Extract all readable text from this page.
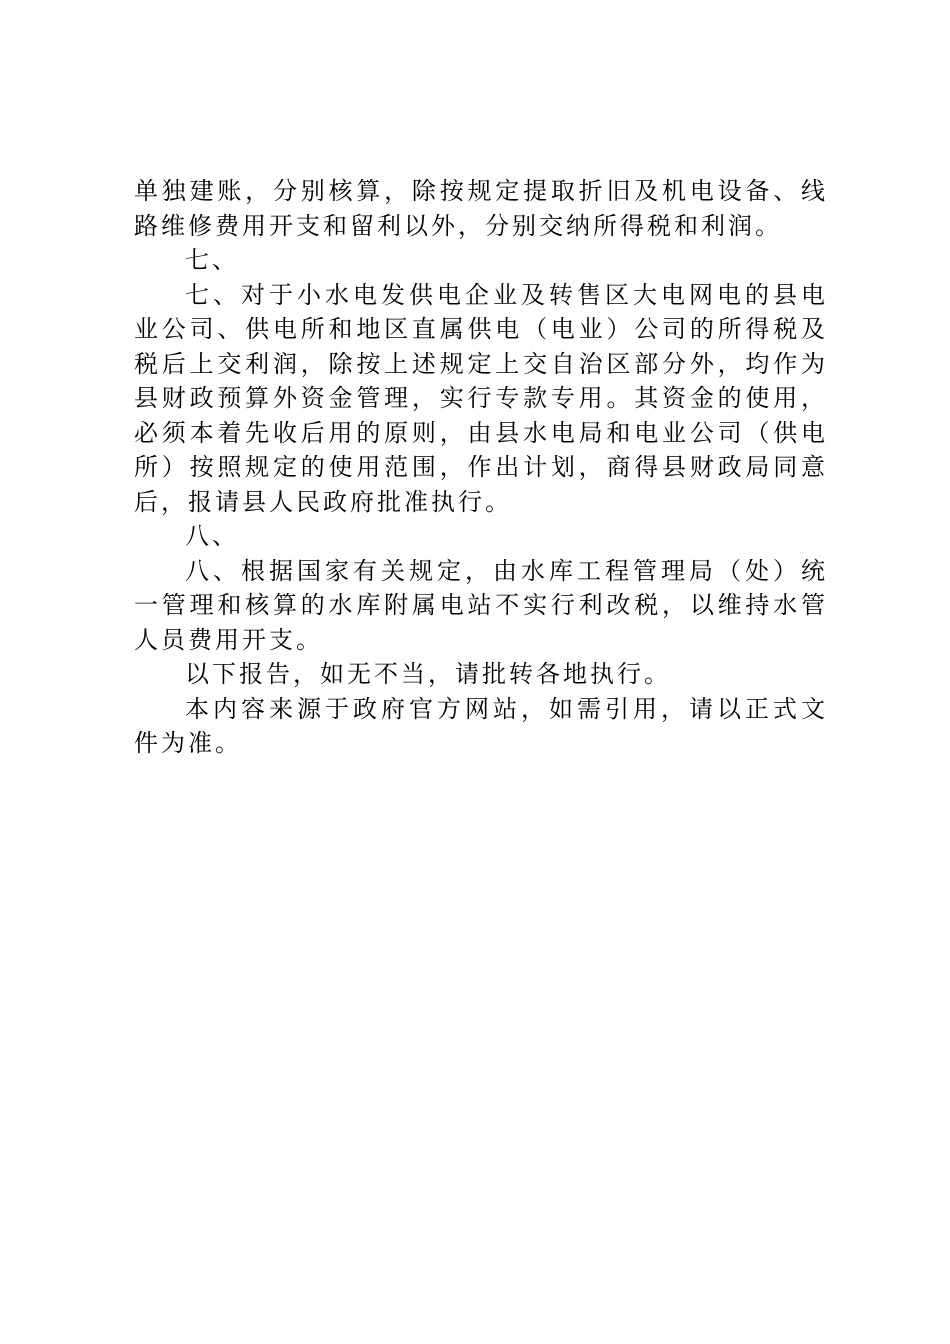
单独建账，分别核算，除按规定提取折旧及机电设备、线路维修费用开支和留利以外，分别交纳所得税和利润。

七、

七、对于小水电发供电企业及转售区大电网电的县电业公司、供电所和地区直属供电（电业）公司的所得税及税后上交利润，除按上述规定上交自治区部分外，均作为县财政预算外资金管理，实行专款专用。其资金的使用，必须本着先收后用的原则，由县水电局和电业公司（供电所）按照规定的使用范围，作出计划，商得县财政局同意后，报请县人民政府批准执行。

八、

八、根据国家有关规定，由水库工程管理局（处）统一管理和核算的水库附属电站不实行利改税，以维持水管人员费用开支。

以下报告，如无不当，请批转各地执行。

本内容来源于政府官方网站，如需引用，请以正式文件为准。
